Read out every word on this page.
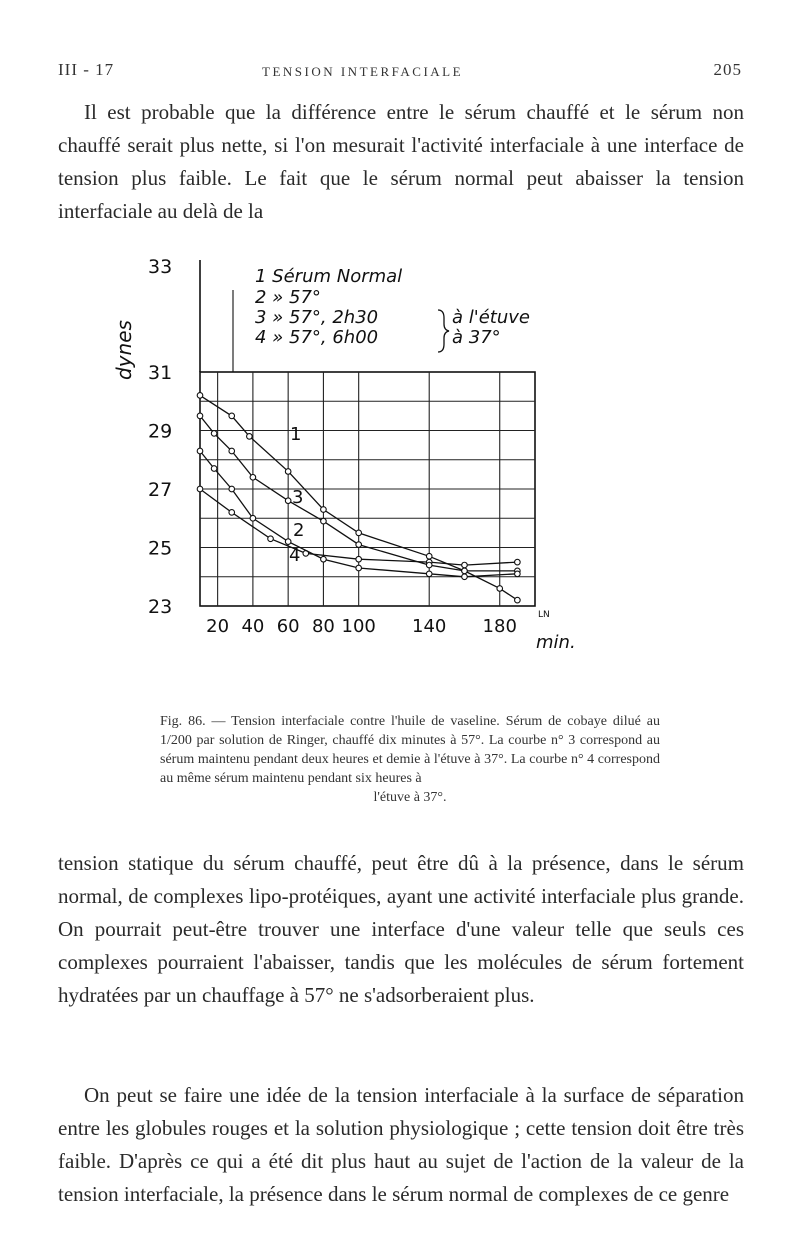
III - 17	TENSION INTERFACIALE	205
Il est probable que la différence entre le sérum chauffé et le sérum non chauffé serait plus nette, si l'on mesurait l'activité interfaciale à une interface de tension plus faible. Le fait que le sérum normal peut abaisser la tension interfaciale au delà de la
1 Sérum Normal
2 » 57°
3 » 57°, 2h30
4 » 57°, 6h00
à l'étuve
à 37°
dynes
min.
LN
23
25
27
29
31
33
20 40 60 80 100 140 180
1
2
3
4
Fig. 86. — Tension interfaciale contre l'huile de vaseline. Sérum de cobaye dilué au 1/200 par solution de Ringer, chauffé dix minutes à 57°. La courbe n° 3 correspond au sérum maintenu pendant deux heures et demie à l'étuve à 37°. La courbe n° 4 correspond au même sérum maintenu pendant six heures à
l'étuve à 37°.
tension statique du sérum chauffé, peut être dû à la présence, dans le sérum normal, de complexes lipo-protéiques, ayant une activité interfaciale plus grande. On pourrait peut-être trouver une interface d'une valeur telle que seuls ces complexes pourraient l'abaisser, tandis que les molécules de sérum fortement hydratées par un chauffage à 57° ne s'adsorberaient plus.
On peut se faire une idée de la tension interfaciale à la surface de séparation entre les globules rouges et la solution physiologique ; cette tension doit être très faible. D'après ce qui a été dit plus haut au sujet de l'action de la valeur de la tension interfaciale, la présence dans le sérum normal de complexes de ce genre
